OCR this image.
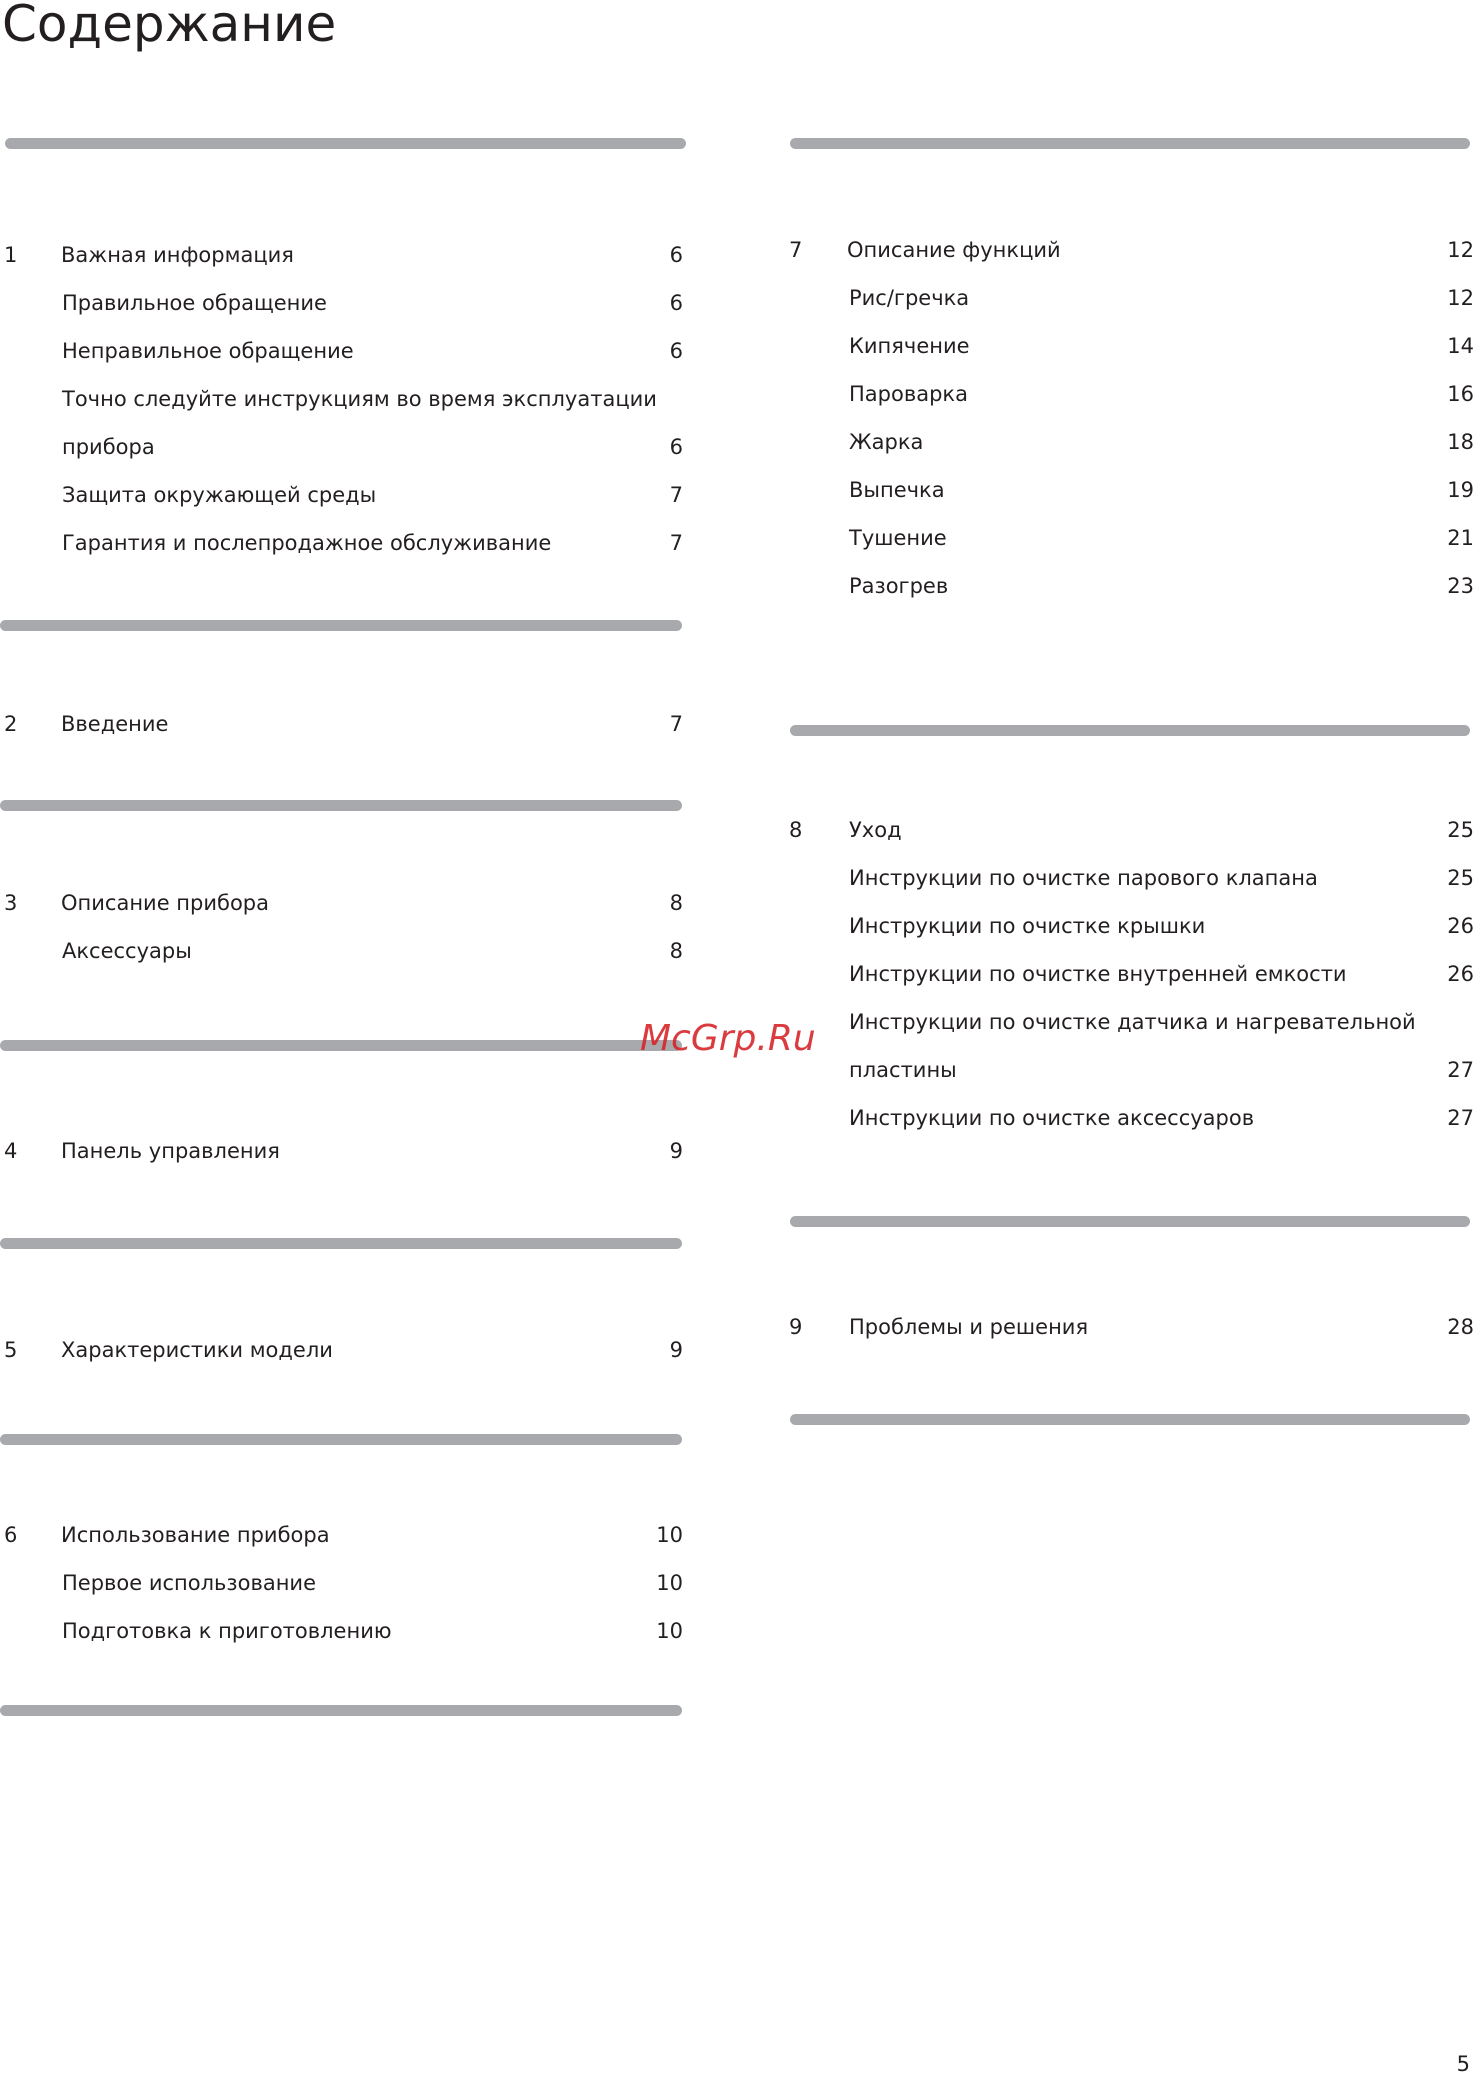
Содержание
1 Важная информация	6
Правильное обращение	6
Неправильное обращение	6
Точно следуйте инструкциям во время эксплуатации
прибора	6
Защита окружающей среды	7
Гарантия и послепродажное обслуживание	7
2 Введение	7
3 Описание прибора	8
Аксессуары	8
4 Панель управления	9
5 Характеристики модели	9
6 Использование прибора	10
Первое использование	10
Подготовка к приготовлению	10
7 Описание функций	12
Рис/гречка	12
Кипячение	14
Пароварка	16
Жарка	18
Выпечка	19
Тушение	21
Разогрев	23
8 Уход	25
Инструкции по очистке парового клапана	25
Инструкции по очистке крышки	26
Инструкции по очистке внутренней емкости	26
Инструкции по очистке датчика и нагревательной
пластины	27
Инструкции по очистке аксессуаров	27
9 Проблемы и решения	28
McGrp.Ru
5
